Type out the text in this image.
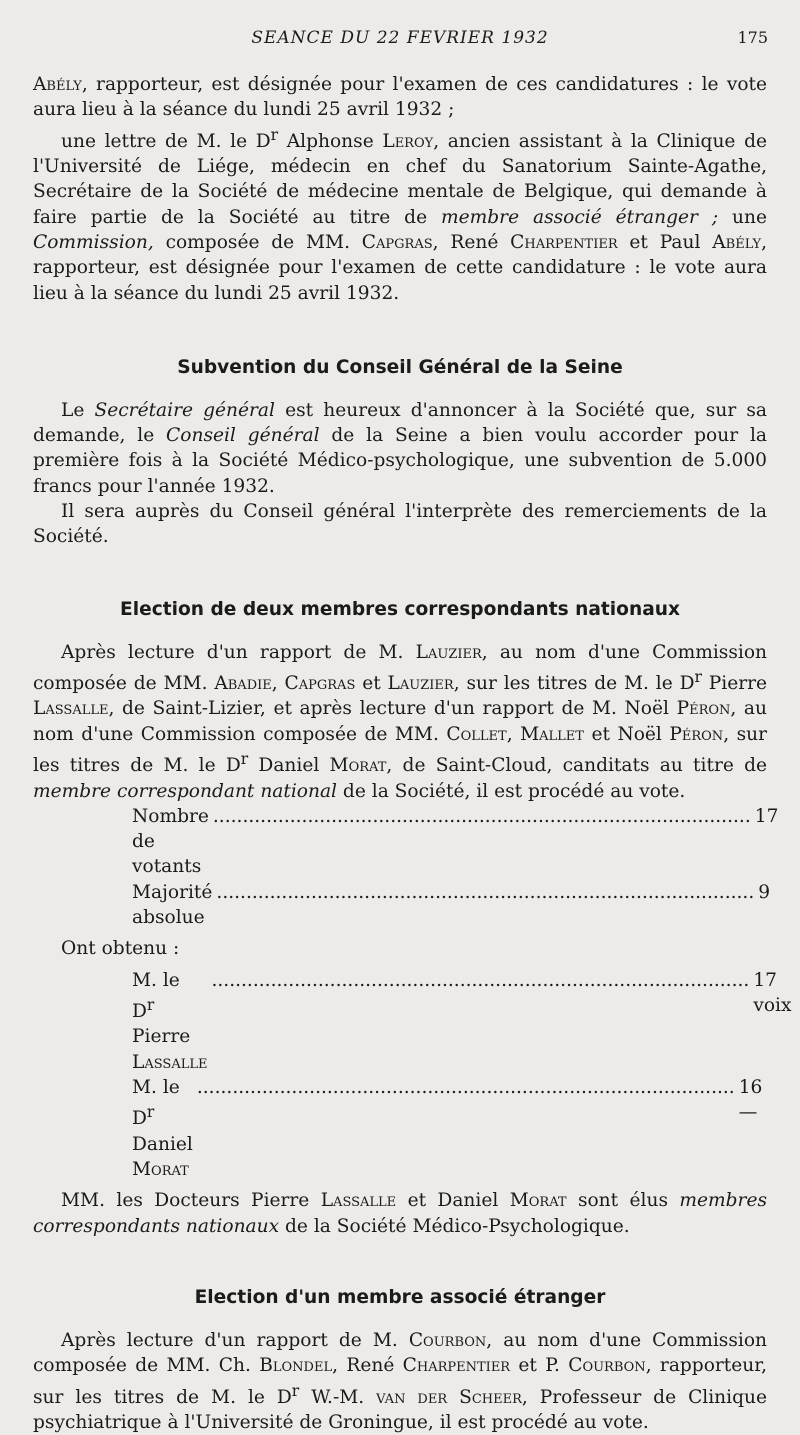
SEANCE DU 22 FEVRIER 1932	175

Abély, rapporteur, est désignée pour l'examen de ces candidatures : le vote aura lieu à la séance du lundi 25 avril 1932 ;

une lettre de M. le $D^r$ Alphonse Leroy, ancien assistant à la Clinique de l'Université de Liége, médecin en chef du Sanatorium Sainte-Agathe, Secrétaire de la Société de médecine mentale de Belgique, qui demande à faire partie de la Société au titre de membre associé étranger ; une Commission, composée de MM. Capgras, René Charpentier et Paul Abély, rapporteur, est désignée pour l'examen de cette candidature : le vote aura lieu à la séance du lundi 25 avril 1932.

Subvention du Conseil Général de la Seine

Le Secrétaire général est heureux d'annoncer à la Société que, sur sa demande, le Conseil général de la Seine a bien voulu accorder pour la première fois à la Société Médico-psychologique, une subvention de 5.000 francs pour l'année 1932.

Il sera auprès du Conseil général l'interprète des remerciements de la Société.

Election de deux membres correspondants nationaux

Après lecture d'un rapport de M. Lauzier, au nom d'une Commission composée de MM. Abadie, Capgras et Lauzier, sur les titres de M. le $D^r$ Pierre Lassalle, de Saint-Lizier, et après lecture d'un rapport de M. Noël Péron, au nom d'une Commission composée de MM. Collet, Mallet et Noël Péron, sur les titres de M. le $D^r$ Daniel Morat, de Saint-Cloud, canditats au titre de membre correspondant national de la Société, il est procédé au vote.

Nombre de votants
........................................................................................... 17
Majorité absolue
........................................................................................... 9

Ont obtenu :

M. le $D^r$ Pierre Lassalle
........................................................................................... 17 voix
M. le $D^r$ Daniel Morat
........................................................................................... 16 —

MM. les Docteurs Pierre Lassalle et Daniel Morat sont élus membres correspondants nationaux de la Société Médico-Psychologique.

Election d'un membre associé étranger

Après lecture d'un rapport de M. Courbon, au nom d'une Commission composée de MM. Ch. Blondel, René Charpentier et P. Courbon, rapporteur, sur les titres de M. le $D^r$ W.-M. van der Scheer, Professeur de Clinique psychiatrique à l'Université de Groningue, il est procédé au vote.
